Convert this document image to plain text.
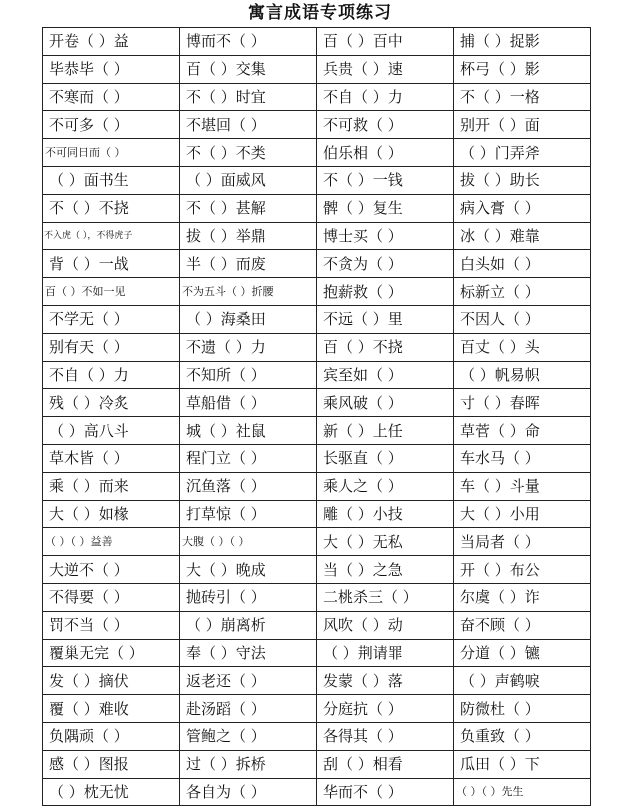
寓言成语专项练习
开卷（ ）益	博而不（ ）	百（ ）百中	捕（ ）捉影
毕恭毕（ ）	百（ ）交集	兵贵（ ）速	杯弓（ ）影
不寒而（ ）	不（ ）时宜	不自（ ）力	不（ ）一格
不可多（ ）	不堪回（ ）	不可救（ ）	别开（ ）面
不可同日而（ ）	不（ ）不类	伯乐相（ ）	（ ）门弄斧
（ ）面书生	（ ）面威风	不（ ）一钱	拔（ ）助长
不（ ）不挠	不（ ）甚解	髀（ ）复生	病入膏（ ）
不入虎（ ），不得虎子	拔（ ）举鼎	博士买（ ）	冰（ ）难靠
背（ ）一战	半（ ）而废	不贪为（ ）	白头如（ ）
百（ ）不如一见	不为五斗（ ）折腰	抱薪救（ ）	标新立（ ）
不学无（ ）	（ ）海桑田	不远（ ）里	不因人（ ）
别有天（ ）	不遗（ ）力	百（ ）不挠	百丈（ ）头
不自（ ）力	不知所（ ）	宾至如（ ）	（ ）帆易帜
残（ ）冷炙	草船借（ ）	乘风破（ ）	寸（ ）春晖
（ ）高八斗	城（ ）社鼠	新（ ）上任	草菅（ ）命
草木皆（ ）	程门立（ ）	长驱直（ ）	车水马（ ）
乘（ ）而来	沉鱼落（ ）	乘人之（ ）	车（ ）斗量
大（ ）如椽	打草惊（ ）	雕（ ）小技	大（ ）小用
（ ）（ ）益善	大腹（ ）（ ）	大（ ）无私	当局者（ ）
大逆不（ ）	大（ ）晚成	当（ ）之急	开（ ）布公
不得要（ ）	抛砖引（ ）	二桃杀三（ ）	尔虞（ ）诈
罚不当（ ）	（ ）崩离析	风吹（ ）动	奋不顾（ ）
覆巢无完（ ）	奉（ ）守法	（ ）荆请罪	分道（ ）镳
发（ ）摘伏	返老还（ ）	发蒙（ ）落	（ ）声鹤唳
覆（ ）难收	赴汤蹈（ ）	分庭抗（ ）	防微杜（ ）
负隅顽（ ）	管鲍之（ ）	各得其（ ）	负重致（ ）
感（ ）图报	过（ ）拆桥	刮（ ）相看	瓜田（ ）下
（ ）枕无忧	各自为（ ）	华而不（ ）	（ ）（ ）先生
